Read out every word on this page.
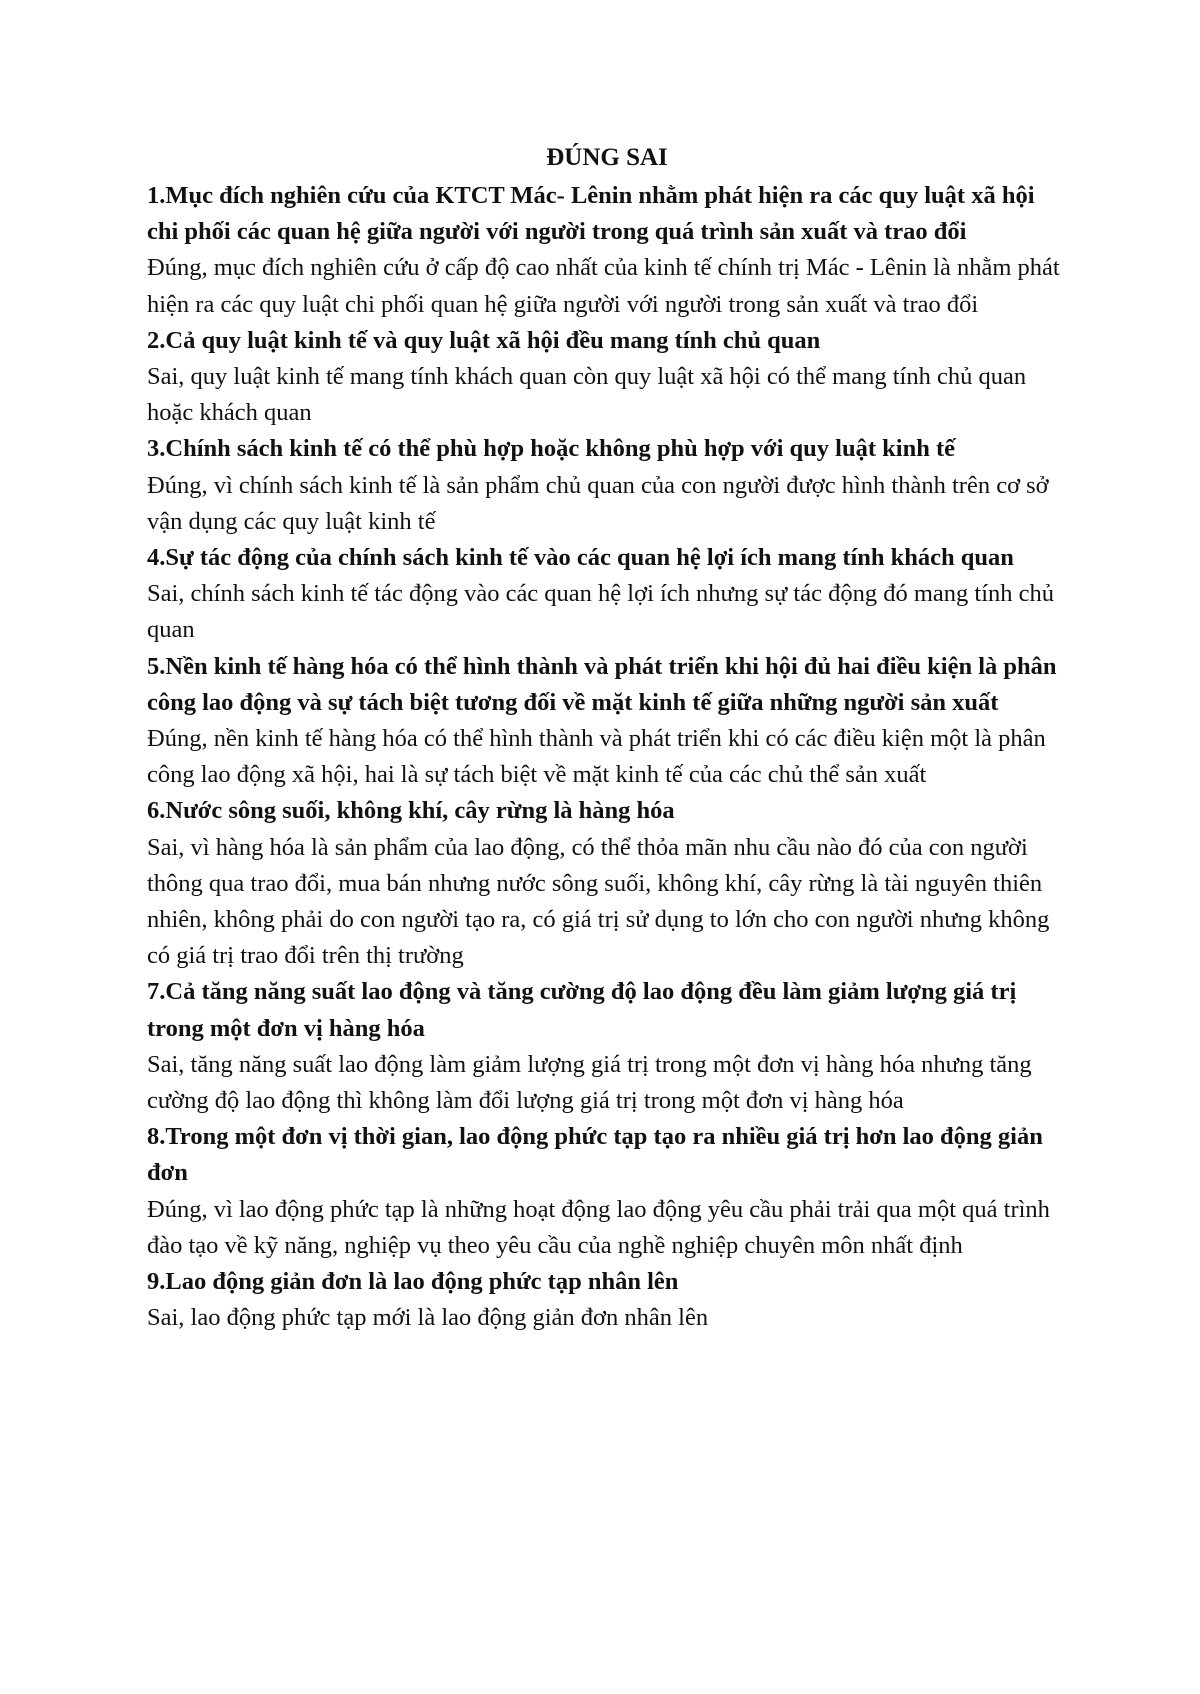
ĐÚNG SAI

1.Mục đích nghiên cứu của KTCT Mác- Lênin nhằm phát hiện ra các quy luật xã hội chi phối các quan hệ giữa người với người trong quá trình sản xuất và trao đổi

Đúng, mục đích nghiên cứu ở cấp độ cao nhất của kinh tế chính trị Mác - Lênin là nhằm phát hiện ra các quy luật chi phối quan hệ giữa người với người trong sản xuất và trao đổi

2.Cả quy luật kinh tế và quy luật xã hội đều mang tính chủ quan

Sai, quy luật kinh tế mang tính khách quan còn quy luật xã hội có thể mang tính chủ quan hoặc khách quan

3.Chính sách kinh tế có thể phù hợp hoặc không phù hợp với quy luật kinh tế

Đúng, vì chính sách kinh tế là sản phẩm chủ quan của con người được hình thành trên cơ sở vận dụng các quy luật kinh tế

4.Sự tác động của chính sách kinh tế vào các quan hệ lợi ích mang tính khách quan

Sai, chính sách kinh tế tác động vào các quan hệ lợi ích nhưng sự tác động đó mang tính chủ quan

5.Nền kinh tế hàng hóa có thể hình thành và phát triển khi hội đủ hai điều kiện là phân công lao động và sự tách biệt tương đối về mặt kinh tế giữa những người sản xuất

Đúng, nền kinh tế hàng hóa có thể hình thành và phát triển khi có các điều kiện một là phân công lao động xã hội, hai là sự tách biệt về mặt kinh tế của các chủ thể sản xuất

6.Nước sông suối, không khí, cây rừng là hàng hóa

Sai, vì hàng hóa là sản phẩm của lao động, có thể thỏa mãn nhu cầu nào đó của con người thông qua trao đổi, mua bán nhưng nước sông suối, không khí, cây rừng là tài nguyên thiên nhiên, không phải do con người tạo ra, có giá trị sử dụng to lớn cho con người nhưng không có giá trị trao đổi trên thị trường

7.Cả tăng năng suất lao động và tăng cường độ lao động đều làm giảm lượng giá trị trong một đơn vị hàng hóa

Sai, tăng năng suất lao động làm giảm lượng giá trị trong một đơn vị hàng hóa nhưng tăng cường độ lao động thì không làm đổi lượng giá trị trong một đơn vị hàng hóa

8.Trong một đơn vị thời gian, lao động phức tạp tạo ra nhiều giá trị hơn lao động giản đơn

Đúng, vì lao động phức tạp là những hoạt động lao động yêu cầu phải trải qua một quá trình đào tạo về kỹ năng, nghiệp vụ theo yêu cầu của nghề nghiệp chuyên môn nhất định

9.Lao động giản đơn là lao động phức tạp nhân lên

Sai, lao động phức tạp mới là lao động giản đơn nhân lên
